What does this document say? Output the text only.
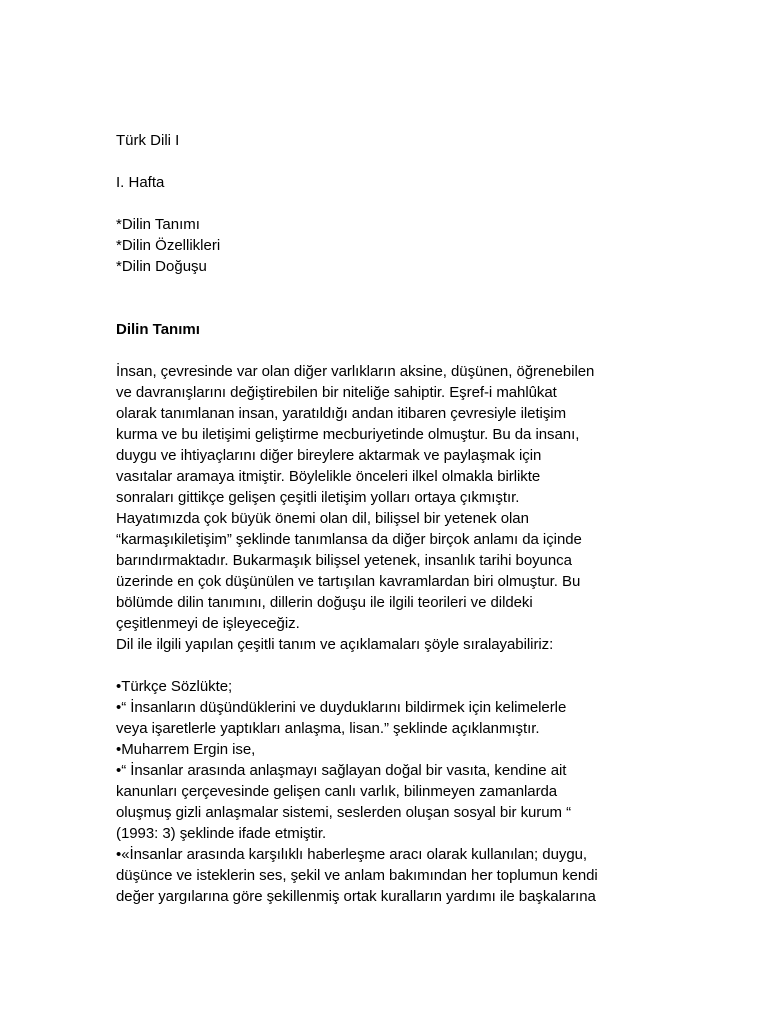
Türk Dili I
I. Hafta
*Dilin Tanımı
*Dilin Özellikleri
*Dilin Doğuşu
Dilin Tanımı
İnsan, çevresinde var olan diğer varlıkların aksine, düşünen, öğrenebilen
ve davranışlarını değiştirebilen bir niteliğe sahiptir. Eşref-i mahlûkat
olarak tanımlanan insan, yaratıldığı andan itibaren çevresiyle iletişim
kurma ve bu iletişimi geliştirme mecburiyetinde olmuştur. Bu da insanı,
duygu ve ihtiyaçlarını diğer bireylere aktarmak ve paylaşmak için
vasıtalar aramaya itmiştir. Böylelikle önceleri ilkel olmakla birlikte
sonraları gittikçe gelişen çeşitli iletişim yolları ortaya çıkmıştır.
Hayatımızda çok büyük önemi olan dil, bilişsel bir yetenek olan
“karmaşıkiletişim” şeklinde tanımlansa da diğer birçok anlamı da içinde
barındırmaktadır. Bukarmaşık bilişsel yetenek, insanlık tarihi boyunca
üzerinde en çok düşünülen ve tartışılan kavramlardan biri olmuştur. Bu
bölümde dilin tanımını, dillerin doğuşu ile ilgili teorileri ve dildeki
çeşitlenmeyi de işleyeceğiz.
Dil ile ilgili yapılan çeşitli tanım ve açıklamaları şöyle sıralayabiliriz:
•Türkçe Sözlükte;
•“ İnsanların düşündüklerini ve duyduklarını bildirmek için kelimelerle
veya işaretlerle yaptıkları anlaşma, lisan.” şeklinde açıklanmıştır.
•Muharrem Ergin ise,
•“ İnsanlar arasında anlaşmayı sağlayan doğal bir vasıta, kendine ait
kanunları çerçevesinde gelişen canlı varlık, bilinmeyen zamanlarda
oluşmuş gizli anlaşmalar sistemi, seslerden oluşan sosyal bir kurum “
(1993: 3) şeklinde ifade etmiştir.
•«İnsanlar arasında karşılıklı haberleşme aracı olarak kullanılan; duygu,
düşünce ve isteklerin ses, şekil ve anlam bakımından her toplumun kendi
değer yargılarına göre şekillenmiş ortak kuralların yardımı ile başkalarına
